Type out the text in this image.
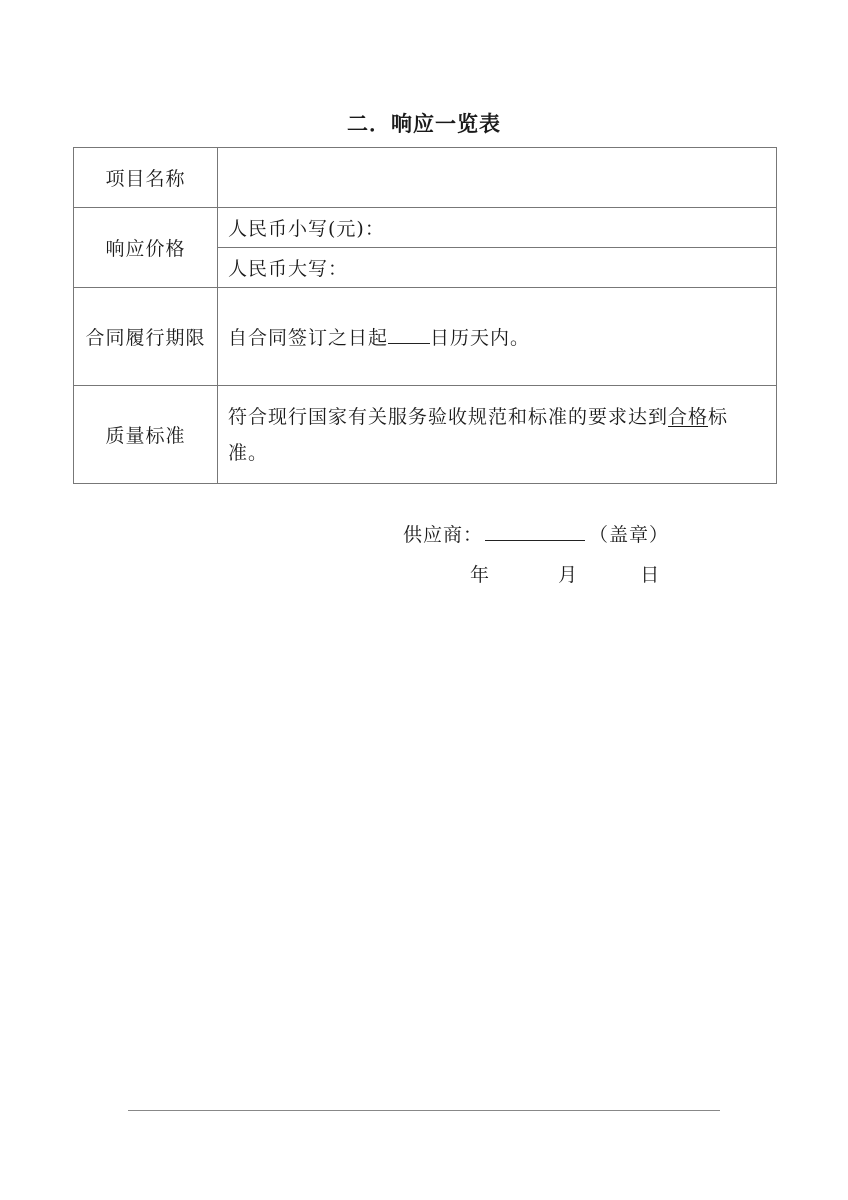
二．响应一览表
项目名称	
响应价格	人民币小写(元)：
	人民币大写：
合同履行期限	自合同签订之日起 日历天内。
质量标准	符合现行国家有关服务验收规范和标准的要求达到合格标准。
供应商：	（盖章）
年	月	日
